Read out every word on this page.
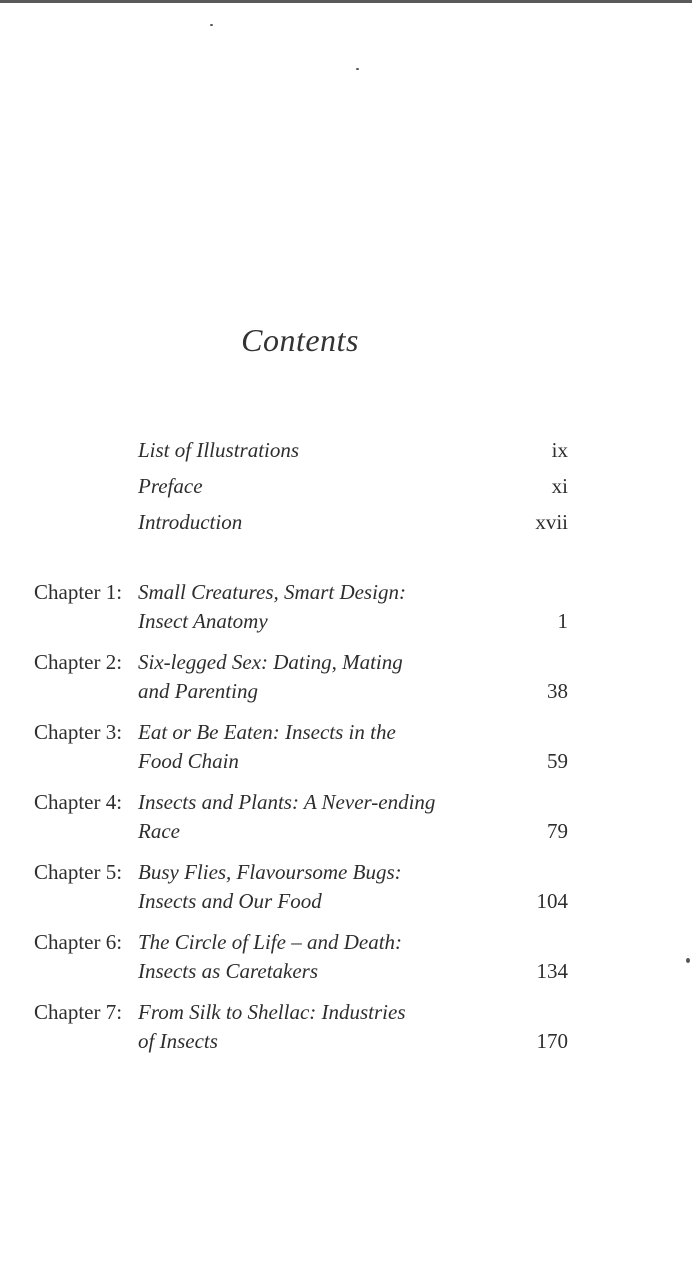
Contents
List of Illustrations	ix
Preface	xi
Introduction	xvii
Chapter 1: Small Creatures, Smart Design:
Insect Anatomy	1
Chapter 2: Six-legged Sex: Dating, Mating
and Parenting	38
Chapter 3: Eat or Be Eaten: Insects in the
Food Chain	59
Chapter 4: Insects and Plants: A Never-ending
Race	79
Chapter 5: Busy Flies, Flavoursome Bugs:
Insects and Our Food	104
Chapter 6: The Circle of Life – and Death:
Insects as Caretakers	134
Chapter 7: From Silk to Shellac: Industries
of Insects	170
